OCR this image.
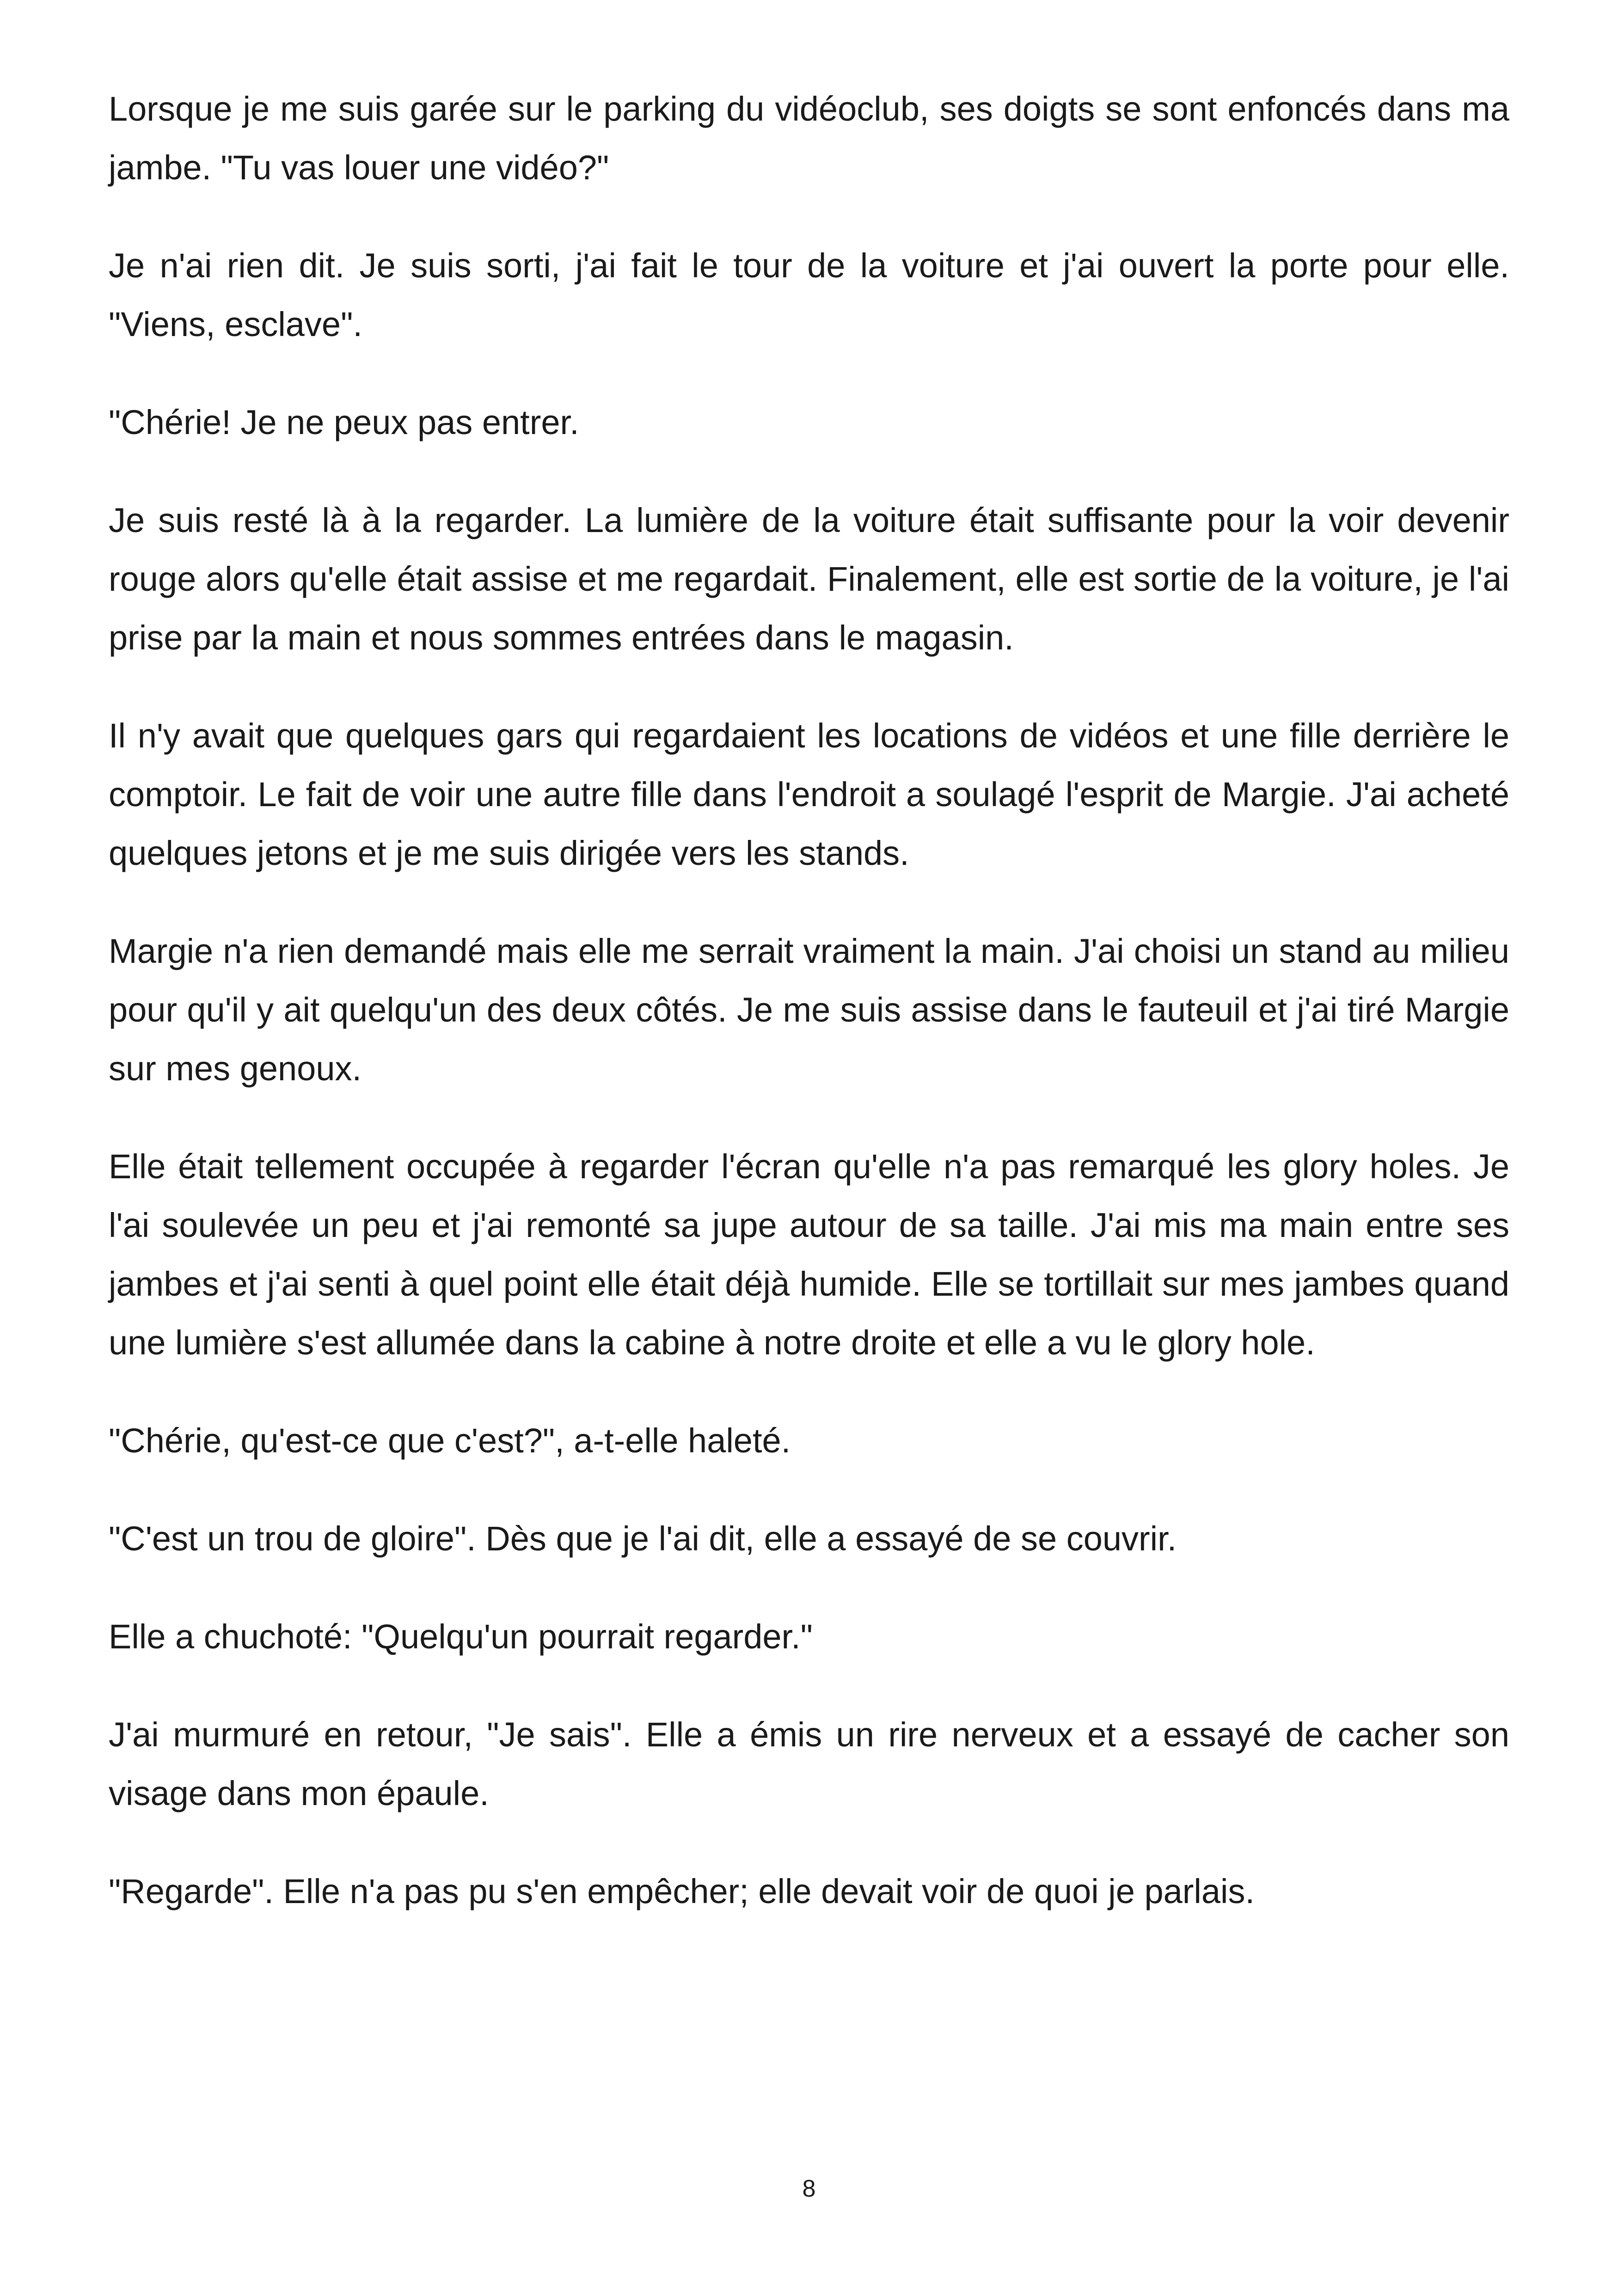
Lorsque je me suis garée sur le parking du vidéoclub, ses doigts se sont enfoncés dans ma jambe. "Tu vas louer une vidéo?"

Je n'ai rien dit. Je suis sorti, j'ai fait le tour de la voiture et j'ai ouvert la porte pour elle. "Viens, esclave".

"Chérie! Je ne peux pas entrer.

Je suis resté là à la regarder. La lumière de la voiture était suffisante pour la voir devenir rouge alors qu'elle était assise et me regardait. Finalement, elle est sortie de la voiture, je l'ai prise par la main et nous sommes entrées dans le magasin.

Il n'y avait que quelques gars qui regardaient les locations de vidéos et une fille derrière le comptoir. Le fait de voir une autre fille dans l'endroit a soulagé l'esprit de Margie. J'ai acheté quelques jetons et je me suis dirigée vers les stands.

Margie n'a rien demandé mais elle me serrait vraiment la main. J'ai choisi un stand au milieu pour qu'il y ait quelqu'un des deux côtés. Je me suis assise dans le fauteuil et j'ai tiré Margie sur mes genoux.

Elle était tellement occupée à regarder l'écran qu'elle n'a pas remarqué les glory holes. Je l'ai soulevée un peu et j'ai remonté sa jupe autour de sa taille. J'ai mis ma main entre ses jambes et j'ai senti à quel point elle était déjà humide. Elle se tortillait sur mes jambes quand une lumière s'est allumée dans la cabine à notre droite et elle a vu le glory hole.

"Chérie, qu'est-ce que c'est?", a-t-elle haleté.

"C'est un trou de gloire". Dès que je l'ai dit, elle a essayé de se couvrir.

Elle a chuchoté: "Quelqu'un pourrait regarder."

J'ai murmuré en retour, "Je sais". Elle a émis un rire nerveux et a essayé de cacher son visage dans mon épaule.

"Regarde". Elle n'a pas pu s'en empêcher; elle devait voir de quoi je parlais.

8
